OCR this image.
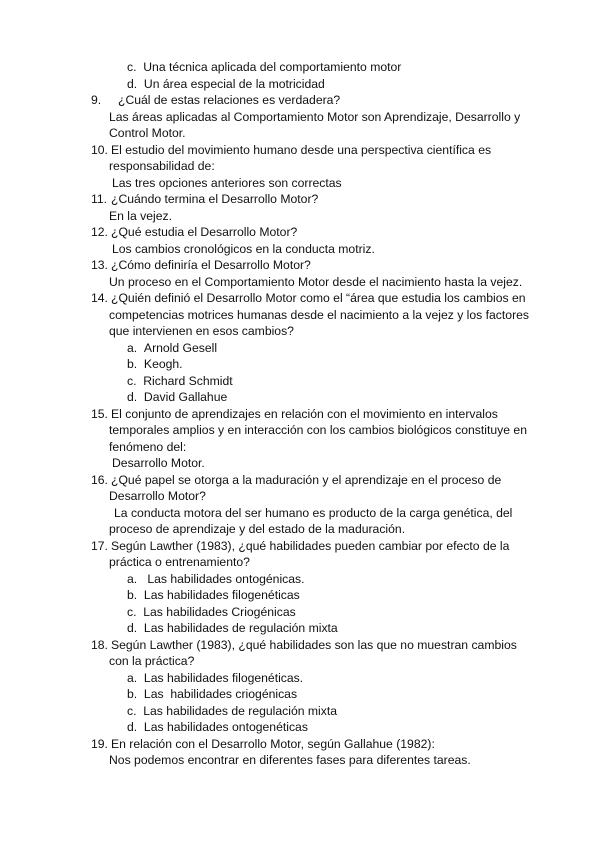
c.  Una técnica aplicada del comportamiento motor
d.  Un área especial de la motricidad
9. ¿Cuál de estas relaciones es verdadera?
Las áreas aplicadas al Comportamiento Motor son Aprendizaje, Desarrollo y
Control Motor.
10. El estudio del movimiento humano desde una perspectiva científica es
responsabilidad de:
Las tres opciones anteriores son correctas
11. ¿Cuándo termina el Desarrollo Motor?
En la vejez.
12. ¿Qué estudia el Desarrollo Motor?
Los cambios cronológicos en la conducta motriz.
13. ¿Cómo definiría el Desarrollo Motor?
Un proceso en el Comportamiento Motor desde el nacimiento hasta la vejez.
14. ¿Quién definió el Desarrollo Motor como el “área que estudia los cambios en
competencias motrices humanas desde el nacimiento a la vejez y los factores
que intervienen en esos cambios?
a.  Arnold Gesell
b.  Keogh.
c.  Richard Schmidt
d.  David Gallahue
15. El conjunto de aprendizajes en relación con el movimiento en intervalos
temporales amplios y en interacción con los cambios biológicos constituye en
fenómeno del:
Desarrollo Motor.
16. ¿Qué papel se otorga a la maduración y el aprendizaje en el proceso de
Desarrollo Motor?
La conducta motora del ser humano es producto de la carga genética, del
proceso de aprendizaje y del estado de la maduración.
17. Según Lawther (1983), ¿qué habilidades pueden cambiar por efecto de la
práctica o entrenamiento?
a.   Las habilidades ontogénicas.
b.  Las habilidades filogenéticas
c.  Las habilidades Criogénicas
d.  Las habilidades de regulación mixta
18. Según Lawther (1983), ¿qué habilidades son las que no muestran cambios
con la práctica?
a.  Las habilidades filogenéticas.
b.  Las  habilidades criogénicas
c.  Las habilidades de regulación mixta
d.  Las habilidades ontogenéticas
19. En relación con el Desarrollo Motor, según Gallahue (1982):
Nos podemos encontrar en diferentes fases para diferentes tareas.
